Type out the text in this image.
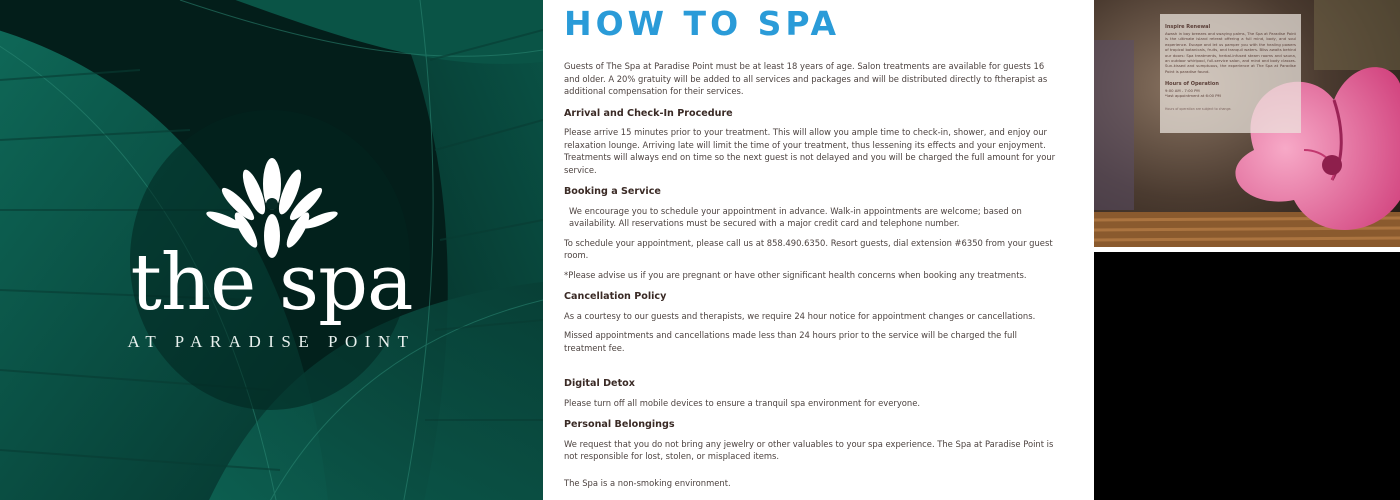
the spa
AT PARADISE POINT
HOW TO SPA

Guests of The Spa at Paradise Point must be at least 18 years of age. Salon treatments are available for guests 16 and older. A 20% gratuity will be added to all services and packages and will be distributed directly to ftherapist as additional compensation for their services.

Arrival and Check-In Procedure

Please arrive 15 minutes prior to your treatment. This will allow you ample time to check-in, shower, and enjoy our relaxation lounge. Arriving late will limit the time of your treatment, thus lessening its effects and your enjoyment. Treatments will always end on time so the next guest is not delayed and you will be charged the full amount for your service.

Booking a Service

We encourage you to schedule your appointment in advance. Walk-in appointments are welcome; based on availability. All reservations must be secured with a major credit card and telephone number.

To schedule your appointment, please call us at 858.490.6350. Resort guests, dial extension #6350 from your guest room.

*Please advise us if you are pregnant or have other significant health concerns when booking any treatments.

Cancellation Policy

As a courtesy to our guests and therapists, we require 24 hour notice for appointment changes or cancellations.

Missed appointments and cancellations made less than 24 hours prior to the service will be charged the full treatment fee.

Digital Detox

Please turn off all mobile devices to ensure a tranquil spa environment for everyone.

Personal Belongings

We request that you do not bring any jewelry or other valuables to your spa experience. The Spa at Paradise Point is not responsible for lost, stolen, or misplaced items.

The Spa is a non-smoking environment.

Inspire Renewal
Awash in bay breezes and swaying palms, The Spa at Paradise Point is the ultimate island retreat offering a full mind, body, and soul experience. Escape and let us pamper you with the healing powers of tropical botanicals, fruits, and tranquil waters. Bliss awaits behind our doors: Spa treatments, herbal-infused steam rooms and sauna, an outdoor whirlpool, full-service salon, and mind and body classes. Sun-kissed and sumptuous, the experience at The Spa at Paradise Point is paradise found.
Hours of Operation
9:00 AM - 7:00 PM
*last appointment at 6:00 PM
Hours of operation are subject to change.
